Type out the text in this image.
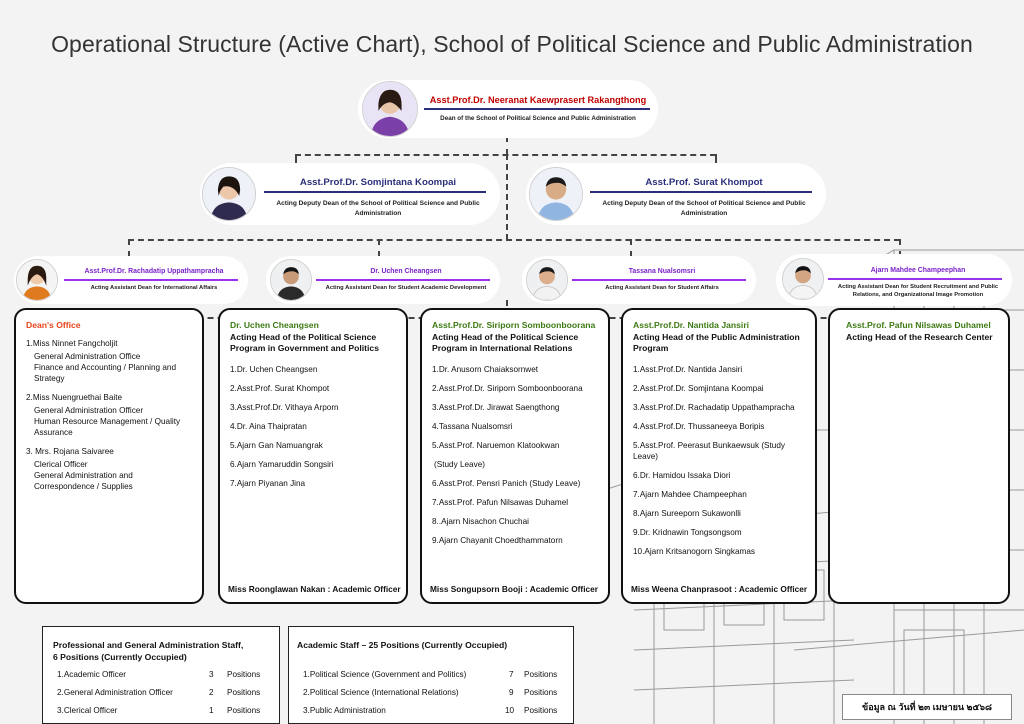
Operational Structure (Active Chart), School of Political Science and Public Administration
Asst.Prof.Dr. Neeranat Kaewprasert Rakangthong
Dean of the School of Political Science and Public Administration
Asst.Prof.Dr. Somjintana Koompai
Acting Deputy Dean of the School of Political Science and Public Administration
Asst.Prof. Surat Khompot
Acting Deputy Dean of the School of Political Science and Public Administration
Asst.Prof.Dr. Rachadatip Uppathampracha
Acting Assistant Dean for International Affairs
Dr. Uchen Cheangsen
Acting Assistant Dean for Student Academic Development
Tassana Nualsomsri
Acting Assistant Dean for Student Affairs
Ajarn Mahdee Champeephan
Acting Assistant Dean for Student Recruitment and Public Relations, and Organizational Image Promotion
Dean's Office
1.Miss Ninnet Fangcholjit
General Administration Office
Finance and Accounting / Planning and Strategy
2.Miss Nuengruethai Baite
General Administration Officer
Human Resource Management / Quality Assurance
3. Mrs. Rojana Saivaree
Clerical Officer
General Administration and Correspondence / Supplies
Dr. Uchen Cheangsen
Acting Head of the Political Science Program in Government and Politics
1.Dr. Uchen Cheangsen
2.Asst.Prof. Surat Khompot
3.Asst.Prof.Dr. Vithaya Arporn
4.Dr. Aina Thaipratan
5.Ajarn Gan Namuangrak
6.Ajarn Yamaruddin Songsiri
7.Ajarn Piyanan Jina
Miss Roonglawan Nakan : Academic Officer
Asst.Prof.Dr. Siriporn Somboonboorana
Acting Head of the Political Science Program in International Relations
1.Dr. Anusorn Chaiaksornwet
2.Asst.Prof.Dr. Siriporn Somboonboorana
3.Asst.Prof.Dr. Jirawat Saengthong
4.Tassana Nualsomsri
5.Asst.Prof. Naruemon Klatookwan
(Study Leave)
6.Asst.Prof. Pensri Panich (Study Leave)
7.Asst.Prof. Pafun Nilsawas Duhamel
8..Ajarn Nisachon Chuchai
9.Ajarn Chayanit Choedthammatorn
Miss Songupsorn Booji : Academic Officer
Asst.Prof.Dr. Nantida Jansiri
Acting Head of the Public Administration Program
1.Asst.Prof.Dr. Nantida Jansiri
2.Asst.Prof.Dr. Somjintana Koompai
3.Asst.Prof.Dr. Rachadatip Uppathampracha
4.Asst.Prof.Dr. Thussaneeya Boripis
5.Asst.Prof. Peerasut Bunkaewsuk (Study Leave)
6.Dr. Hamidou Issaka Diori
7.Ajarn Mahdee Champeephan
8.Ajarn Sureeporn Sukawonlli
9.Dr. Kridnawin Tongsongsom
10.Ajarn Kritsanogorn Singkamas
Miss Weena Chanprasoot : Academic Officer
Asst.Prof. Pafun Nilsawas Duhamel
Acting Head of the Research Center
Professional and General Administration Staff,
6 Positions (Currently Occupied)
1.Academic Officer	3 Positions
2.General Administration Officer	2 Positions
3.Clerical Officer	1 Positions
Academic Staff – 25 Positions (Currently Occupied)
1.Political Science (Government and Politics)	7 Positions
2.Political Science (International Relations)	9 Positions
3.Public Administration	10 Positions	ข้อมูล ณ วันที่ ๒๓ เมษายน ๒๕๖๘
